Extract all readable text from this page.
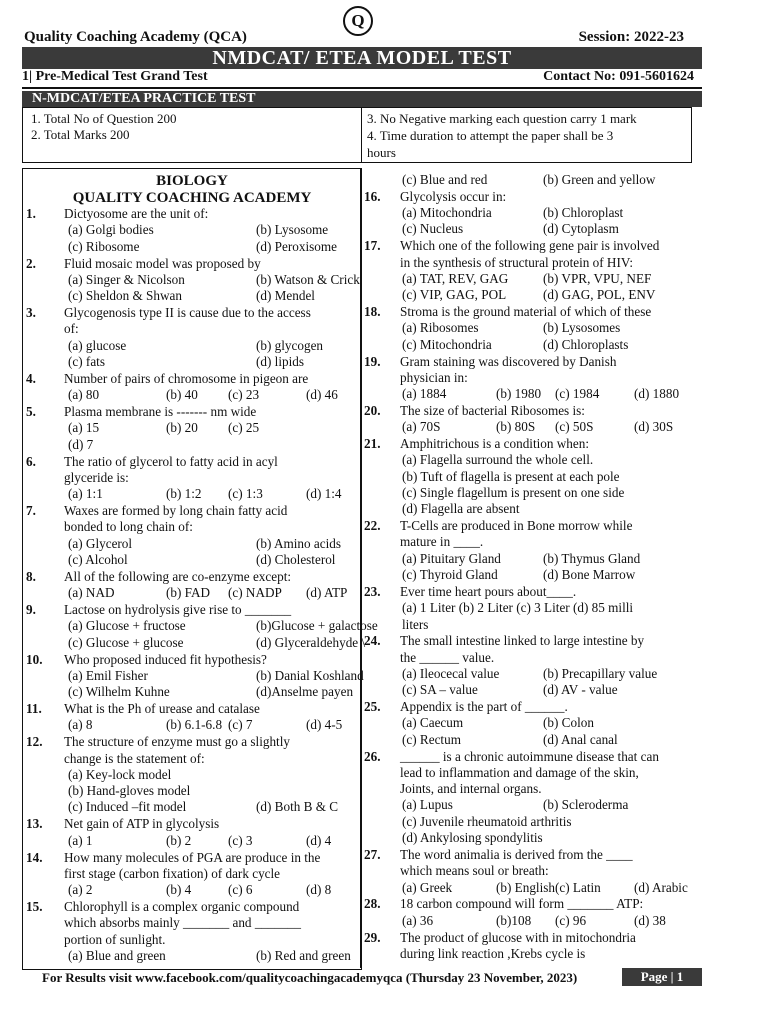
Q
Quality Coaching Academy (QCA)	Session: 2022-23
NMDCAT/ ETEA MODEL TEST
1| Pre-Medical Test Grand Test	Contact No: 091-5601624
N-MDCAT/ETEA PRACTICE TEST
1. Total No of Question 200
2. Total Marks 200
3. No Negative marking each question carry 1 mark
4. Time duration to attempt the paper shall be 3
hours
BIOLOGY
QUALITY COACHING ACADEMY
1. Dictyosome are the unit of:
(a) Golgi bodies	(b) Lysosome
(c) Ribosome	(d) Peroxisome
2. Fluid mosaic model was proposed by
(a) Singer & Nicolson	(b) Watson & Crick
(c) Sheldon & Shwan	(d) Mendel
3. Glycogenosis type II is cause due to the access
of:
(a) glucose	(b) glycogen
(c) fats	(d) lipids
4. Number of pairs of chromosome in pigeon are
(a) 80	(b) 40 (c) 23	(d) 46
5. Plasma membrane is ------- nm wide
(a) 15	(b) 20 (c) 25
(d) 7
6. The ratio of glycerol to fatty acid in acyl
glyceride is:
(a) 1:1	(b) 1:2 (c) 1:3	(d) 1:4
7. Waxes are formed by long chain fatty acid
bonded to long chain of:
(a) Glycerol	(b) Amino acids
(c) Alcohol	(d) Cholesterol
8. All of the following are co-enzyme except:
(a) NAD	(b) FAD (c) NADP (d) ATP
9. Lactose on hydrolysis give rise to _______
(a) Glucose + fructose	(b)Glucose + galactose
(c) Glucose + glucose	(d) Glyceraldehyde \
10. Who proposed induced fit hypothesis?
(a) Emil Fisher	(b) Danial Koshland
(c) Wilhelm Kuhne	(d)Anselme payen
11. What is the Ph of urease and catalase
(a) 8	(b) 6.1-6.8 (c) 7	(d) 4-5
12. The structure of enzyme must go a slightly
change is the statement of:
(a) Key-lock model
(b) Hand-gloves model
(c) Induced –fit model	(d) Both B & C
13. Net gain of ATP in glycolysis
(a) 1	(b) 2	(c) 3	(d) 4
14. How many molecules of PGA are produce in the
first stage (carbon fixation) of dark cycle
(a) 2	(b) 4	(c) 6	(d) 8
15. Chlorophyll is a complex organic compound
which absorbs mainly _______ and _______
portion of sunlight.
(a) Blue and green	(b) Red and green
(c) Blue and red	(b) Green and yellow
16. Glycolysis occur in:
(a) Mitochondria	(b) Chloroplast
(c) Nucleus	(d) Cytoplasm
17. Which one of the following gene pair is involved
in the synthesis of structural protein of HIV:
(a) TAT, REV, GAG	(b) VPR, VPU, NEF
(c) VIP, GAG, POL	(d) GAG, POL, ENV
18. Stroma is the ground material of which of these
(a) Ribosomes	(b) Lysosomes
(c) Mitochondria	(d) Chloroplasts
19. Gram staining was discovered by Danish
physician in:
(a) 1884	(b) 1980 (c) 1984	(d) 1880
20. The size of bacterial Ribosomes is:
(a) 70S	(b) 80S (c) 50S	(d) 30S
21. Amphitrichous is a condition when:
(a) Flagella surround the whole cell.
(b) Tuft of flagella is present at each pole
(c) Single flagellum is present on one side
(d) Flagella are absent
22. T-Cells are produced in Bone morrow while
mature in ____.
(a) Pituitary Gland	(b) Thymus Gland
(c) Thyroid Gland	(d) Bone Marrow
23. Ever time heart pours about____.
(a) 1 Liter (b) 2 Liter (c) 3 Liter (d) 85 milli
liters
24. The small intestine linked to large intestine by
the ______ value.
(a) Ileocecal value	(b) Precapillary value
(c) SA – value	(d) AV - value
25. Appendix is the part of ______.
(a) Caecum	(b) Colon
(c) Rectum	(d) Anal canal
26. ______ is a chronic autoimmune disease that can
lead to inflammation and damage of the skin,
Joints, and internal organs.
(a) Lupus	(b) Scleroderma
(c) Juvenile rheumatoid arthritis
(d) Ankylosing spondylitis
27. The word animalia is derived from the ____
which means soul or breath:
(a) Greek	(b) English (c) Latin	(d) Arabic
28. 18 carbon compound will form _______ ATP:
(a) 36	(b)108 (c) 96	(d) 38
29. The product of glucose with in mitochondria
during link reaction ,Krebs cycle is
For Results visit www.facebook.com/qualitycoachingacademyqca (Thursday 23 November, 2023)	Page | 1
